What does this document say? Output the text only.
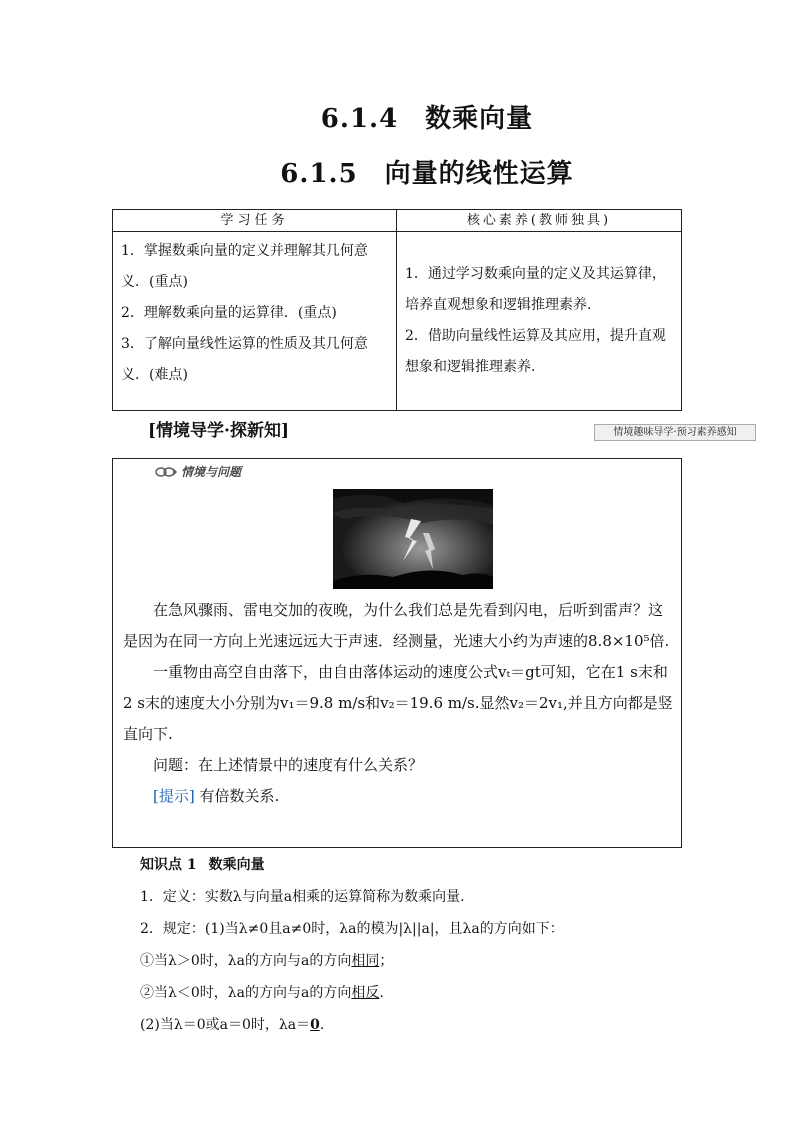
6.1.4　数乘向量
6.1.5　向量的线性运算
学习任务	核心素养(教师独具)

1．掌握数乘向量的定义并理解其几何意义．(重点)

2．理解数乘向量的运算律．(重点)

3．了解向量线性运算的性质及其几何意义．(难点)

1．通过学习数乘向量的定义及其运算律，培养直观想象和逻辑推理素养.

2．借助向量线性运算及其应用，提升直观想象和逻辑推理素养.

[情境导学·探新知]	情境趣味导学·预习素养感知
情境与问题

在急风骤雨、雷电交加的夜晚，为什么我们总是先看到闪电，后听到雷声？这是因为在同一方向上光速远远大于声速．经测量，光速大小约为声速的8.8×10⁵倍.

一重物由高空自由落下，由自由落体运动的速度公式vₜ＝gt可知，它在1 s末和2 s末的速度大小分别为v₁＝9.8 m/s和v₂＝19.6 m/s.显然v₂＝2v₁,并且方向都是竖直向下.

问题：在上述情景中的速度有什么关系？

[提示] 有倍数关系.

知识点 1 数乘向量

1．定义：实数λ与向量a相乘的运算简称为数乘向量.

2．规定：(1)当λ≠0且a≠0时，λa的模为|λ||a|，且λa的方向如下：

①当λ＞0时，λa的方向与a的方向相同；

②当λ＜0时，λa的方向与a的方向相反.

(2)当λ＝0或a＝0时，λa＝0.
